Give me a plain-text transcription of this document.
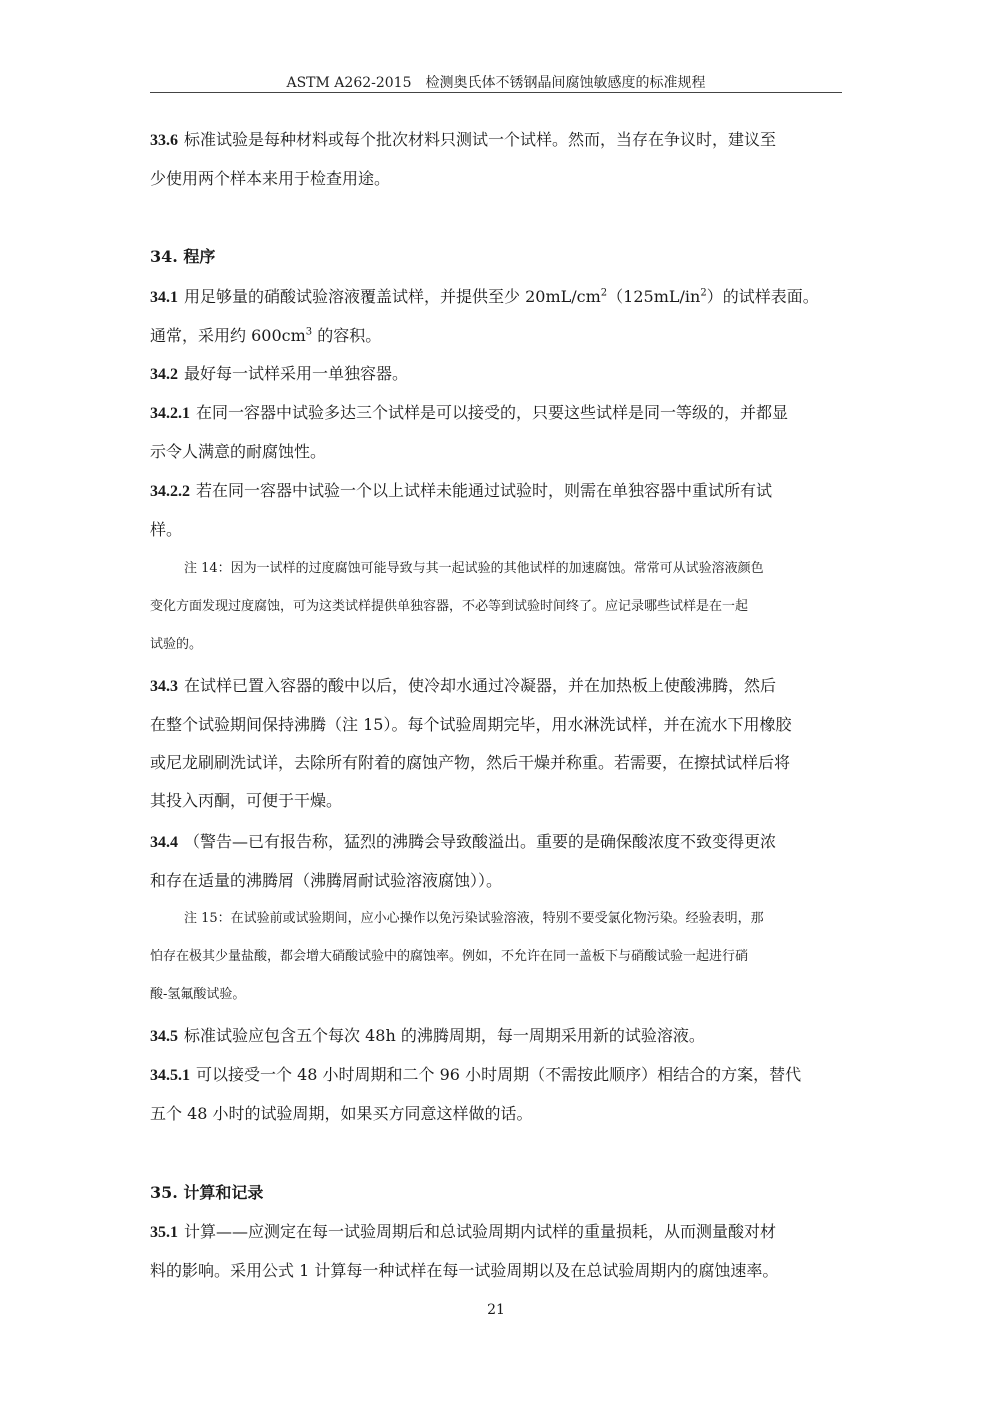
ASTM A262-2015　检测奥氏体不锈钢晶间腐蚀敏感度的标准规程
33.6 标准试验是每种材料或每个批次材料只测试一个试样。然而，当存在争议时，建议至
少使用两个样本来用于检查用途。
34. 程序
34.1 用足够量的硝酸试验溶液覆盖试样，并提供至少 $20mL/cm^2(125mL/in^2)$的试样表面。
通常，采用约 $600cm^3$ 的容积。
34.2 最好每一试样采用一单独容器。
34.2.1 在同一容器中试验多达三个试样是可以接受的，只要这些试样是同一等级的，并都显
示令人满意的耐腐蚀性。
34.2.2 若在同一容器中试验一个以上试样未能通过试验时，则需在单独容器中重试所有试
样。
注 14：因为一试样的过度腐蚀可能导致与其一起试验的其他试样的加速腐蚀。常常可从试验溶液颜色
变化方面发现过度腐蚀，可为这类试样提供单独容器，不必等到试验时间终了。应记录哪些试样是在一起
试验的。
34.3 在试样已置入容器的酸中以后，使冷却水通过冷凝器，并在加热板上使酸沸腾，然后
在整个试验期间保持沸腾（注 15）。每个试验周期完毕，用水淋洗试样，并在流水下用橡胶
或尼龙刷刷洗试详，去除所有附着的腐蚀产物，然后干燥并称重。若需要，在擦拭试样后将
其投入丙酮，可便于干燥。
34.4 （警告—已有报告称，猛烈的沸腾会导致酸溢出。重要的是确保酸浓度不致变得更浓
和存在适量的沸腾屑（沸腾屑耐试验溶液腐蚀））。
注 15：在试验前或试验期间，应小心操作以免污染试验溶液，特别不要受氯化物污染。经验表明，那
怕存在极其少量盐酸，都会增大硝酸试验中的腐蚀率。例如，不允许在同一盖板下与硝酸试验一起进行硝
酸-氢氟酸试验。
34.5 标准试验应包含五个每次 48h 的沸腾周期，每一周期采用新的试验溶液。
34.5.1 可以接受一个 48 小时周期和二个 96 小时周期（不需按此顺序）相结合的方案，替代
五个 48 小时的试验周期，如果买方同意这样做的话。
35. 计算和记录
35.1 计算——应测定在每一试验周期后和总试验周期内试样的重量损耗，从而测量酸对材
料的影响。采用公式 1 计算每一种试样在每一试验周期以及在总试验周期内的腐蚀速率。
21
